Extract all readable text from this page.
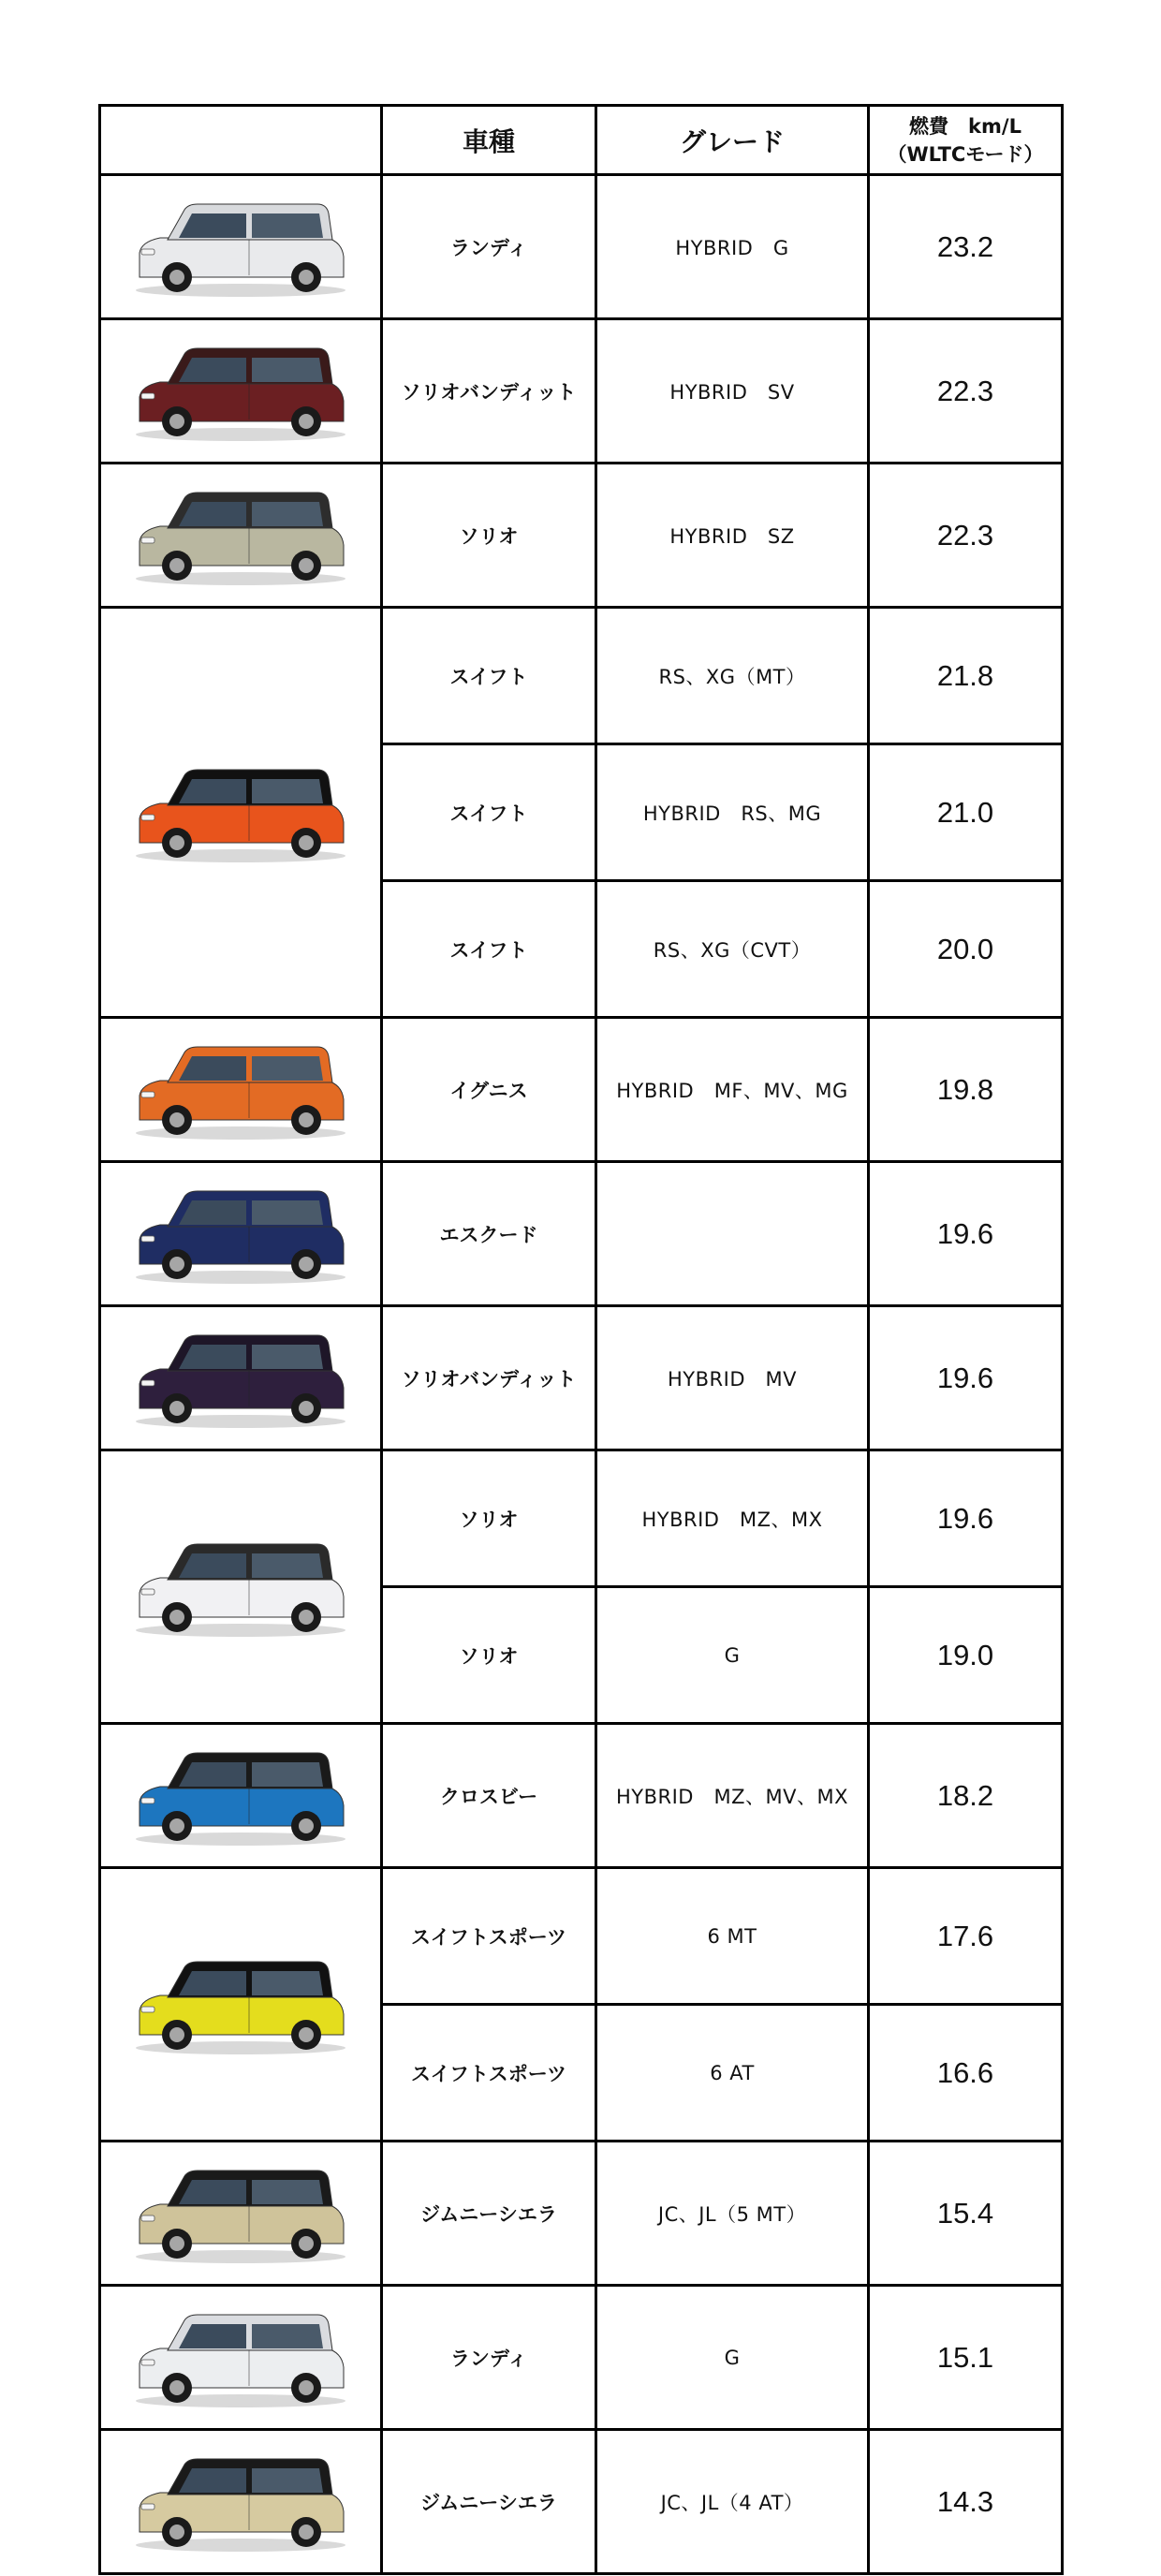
	車種	グレード	燃費　km/L
（WLTCモード）

	ランディ	HYBRID　G	23.2

	ソリオバンディット	HYBRID　SV	22.3

	ソリオ	HYBRID　SZ	22.3

	スイフト	RS、XG（MT）	21.8
	スイフト	HYBRID　RS、MG	21.0
	スイフト	RS、XG（CVT）	20.0

	イグニス	HYBRID　MF、MV、MG	19.8

	エスクード		19.6

	ソリオバンディット	HYBRID　MV	19.6

	ソリオ	HYBRID　MZ、MX	19.6
	ソリオ	G	19.0

	クロスビー	HYBRID　MZ、MV、MX	18.2

	スイフトスポーツ	6 MT	17.6
	スイフトスポーツ	6 AT	16.6

	ジムニーシエラ	JC、JL（5 MT）	15.4

	ランディ	G	15.1

	ジムニーシエラ	JC、JL（4 AT）	14.3
